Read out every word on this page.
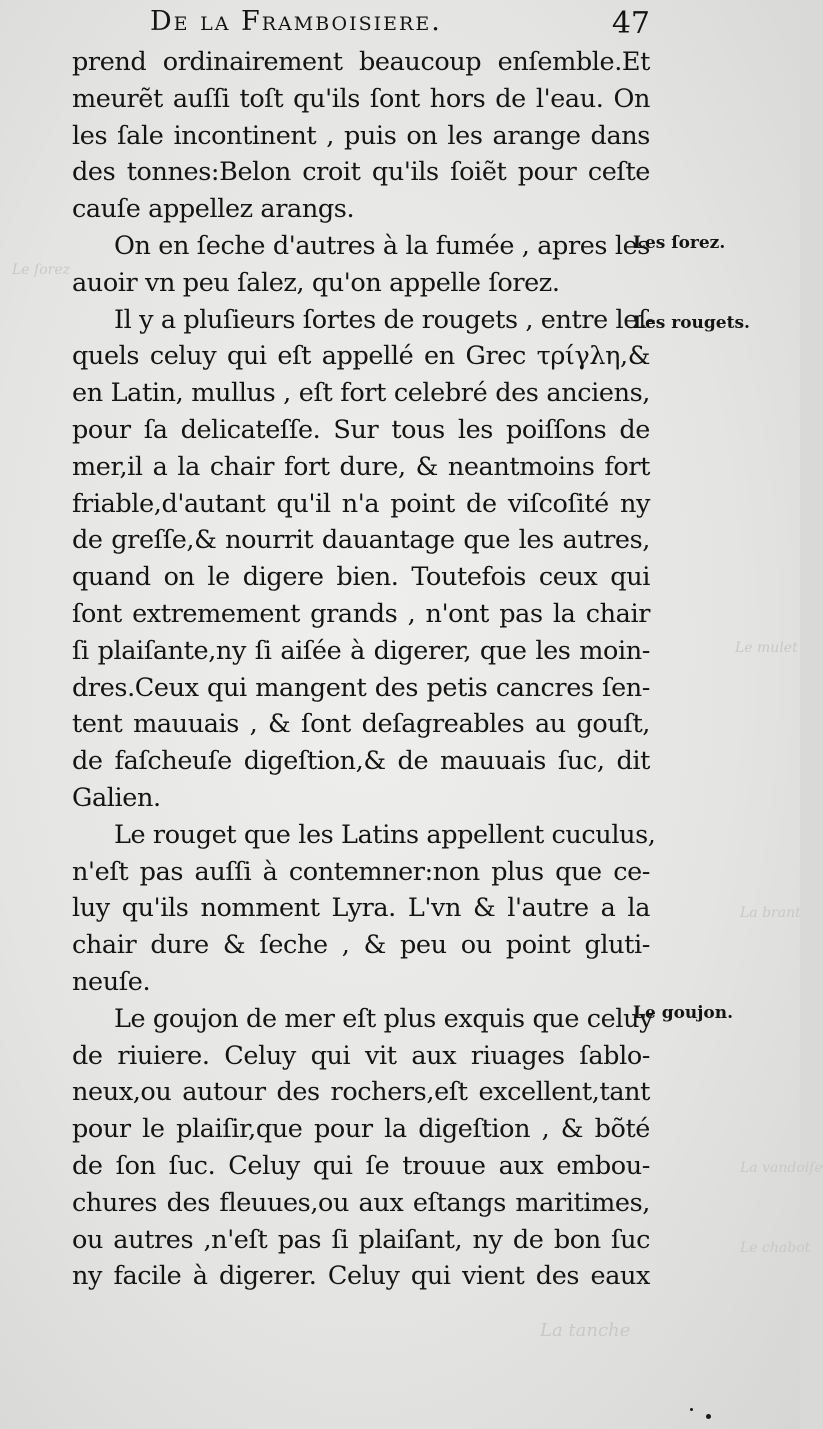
Le ſorez
Le mulet
La brant
La vandoiſe
Le chabot
La tanche
De la Framboisiere.	47
prend ordinairement beaucoup enſemble.Et
meurẽt auſſi toſt qu'ils ſont hors de l'eau. On
les ſale incontinent , puis on les arange dans
des tonnes:Belon croit qu'ils ſoiẽt pour ceſte
cauſe appellez arangs.
On en ſeche d'autres à la fumée , apres les
auoir vn peu ſalez, qu'on appelle ſorez.
Il y a pluſieurs ſortes de rougets , entre leſ-
quels celuy qui eſt appellé en Grec τρίγλη,&
en Latin, mullus , eſt fort celebré des anciens,
pour ſa delicateſſe. Sur tous les poiſſons de
mer,il a la chair fort dure, & neantmoins fort
friable,d'autant qu'il n'a point de viſcoſité ny
de greſſe,& nourrit dauantage que les autres,
quand on le digere bien. Toutefois ceux qui
ſont extremement grands , n'ont pas la chair
ſi plaiſante,ny ſi aiſée à digerer, que les moin-
dres.Ceux qui mangent des petis cancres ſen-
tent mauuais , & ſont deſagreables au gouſt,
de faſcheuſe digeſtion,& de mauuais ſuc, dit
Galien.
Le rouget que les Latins appellent cuculus,
n'eſt pas auſſi à contemner:non plus que ce-
luy qu'ils nomment Lyra. L'vn & l'autre a la
chair dure & ſeche , & peu ou point gluti-
neuſe.
Le goujon de mer eſt plus exquis que celuy
de riuiere. Celuy qui vit aux riuages ſablo-
neux,ou autour des rochers,eſt excellent,tant
pour le plaiſir,que pour la digeſtion , & bõté
de ſon ſuc. Celuy qui ſe trouue aux embou-
chures des fleuues,ou aux eſtangs maritimes,
ou autres ,n'eſt pas ſi plaiſant, ny de bon ſuc
ny facile à digerer. Celuy qui vient des eaux
Les ſorez.
Les rougets.
Le goujon.
